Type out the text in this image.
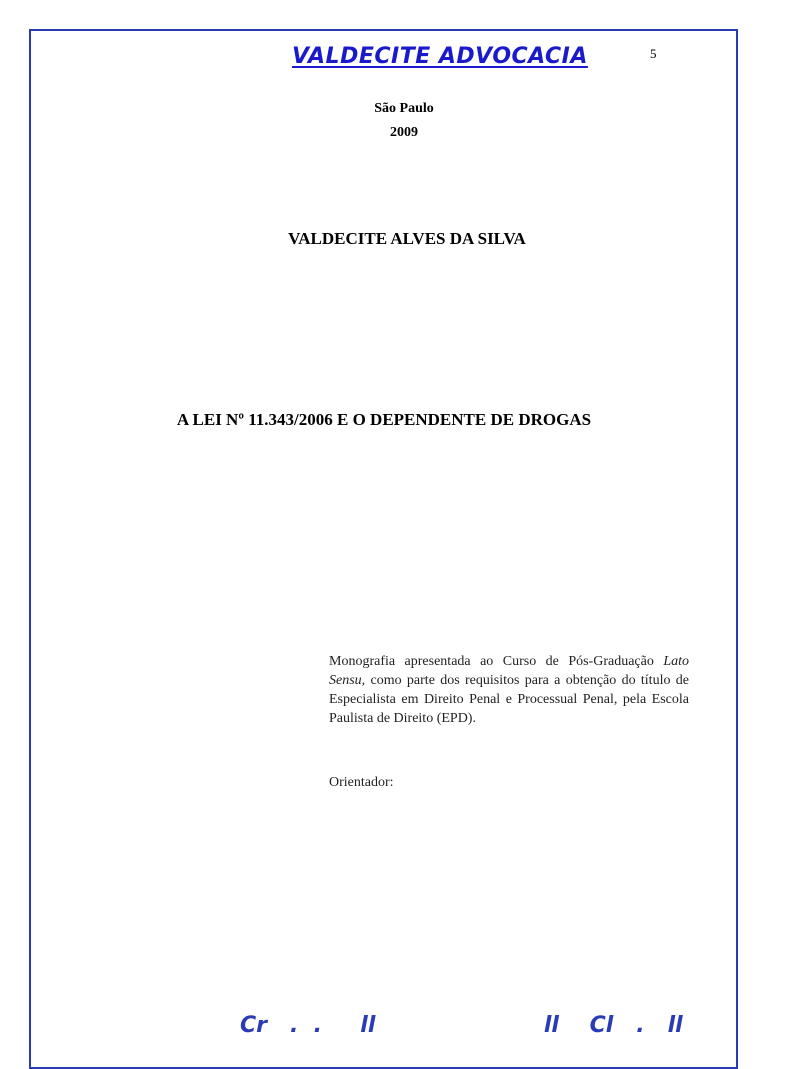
VALDECITE ADVOCACIA	5
São Paulo
2009
VALDECITE ALVES DA SILVA
A LEI Nº 11.343/2006 E O DEPENDENTE DE DROGAS
Monografia apresentada ao Curso de Pós-Graduação Lato Sensu, como parte dos requisitos para a obtenção do título de Especialista em Direito Penal e Processual Penal, pela Escola Paulista de Direito (EPD).
Orientador:
Cr   .  .     ll                      ll    Cl   .   ll
